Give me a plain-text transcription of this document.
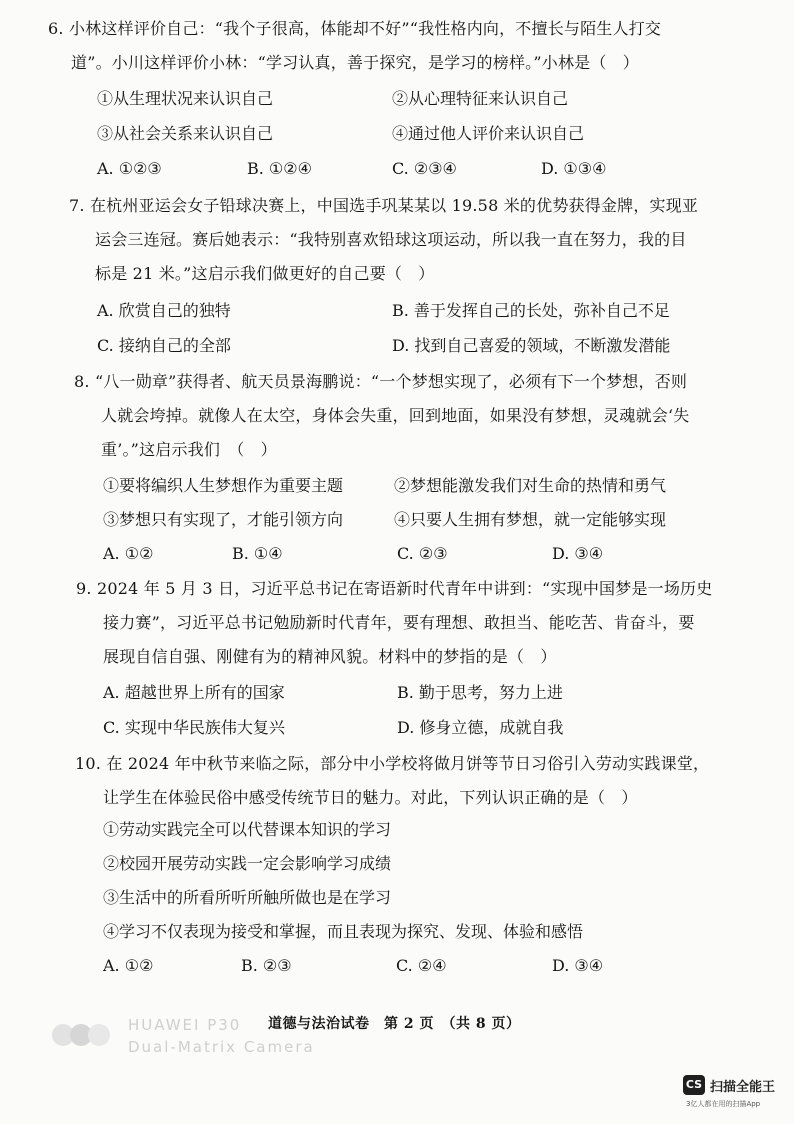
6. 小林这样评价自己：“我个子很高，体能却不好”“我性格内向，不擅长与陌生人打交
道”。小川这样评价小林：“学习认真，善于探究，是学习的榜样。”小林是（　）
①从生理状况来认识自己	②从心理特征来认识自己
③从社会关系来认识自己	④通过他人评价来认识自己
A. ①②③	B. ①②④	C. ②③④	D. ①③④
7. 在杭州亚运会女子铅球决赛上，中国选手巩某某以 19.58 米的优势获得金牌，实现亚
运会三连冠。赛后她表示：“我特别喜欢铅球这项运动，所以我一直在努力，我的目
标是 21 米。”这启示我们做更好的自己要（　）
A. 欣赏自己的独特	B. 善于发挥自己的长处，弥补自己不足
C. 接纳自己的全部	D. 找到自己喜爱的领域，不断激发潜能
8. “八一勋章”获得者、航天员景海鹏说：“一个梦想实现了，必须有下一个梦想，否则
人就会垮掉。就像人在太空，身体会失重，回到地面，如果没有梦想，灵魂就会‘失
重’。”这启示我们　（　）
①要将编织人生梦想作为重要主题	②梦想能激发我们对生命的热情和勇气
③梦想只有实现了，才能引领方向	④只要人生拥有梦想，就一定能够实现
A. ①②	B. ①④	C. ②③	D. ③④
9. 2024 年 5 月 3 日，习近平总书记在寄语新时代青年中讲到：“实现中国梦是一场历史
接力赛”，习近平总书记勉励新时代青年，要有理想、敢担当、能吃苦、肯奋斗，要
展现自信自强、刚健有为的精神风貌。材料中的梦指的是（　）
A. 超越世界上所有的国家	B. 勤于思考，努力上进
C. 实现中华民族伟大复兴	D. 修身立德，成就自我
10. 在 2024 年中秋节来临之际，部分中小学校将做月饼等节日习俗引入劳动实践课堂，
让学生在体验民俗中感受传统节日的魅力。对此，下列认识正确的是（　）
①劳动实践完全可以代替课本知识的学习
②校园开展劳动实践一定会影响学习成绩
③生活中的所看所听所触所做也是在学习
④学习不仅表现为接受和掌握，而且表现为探究、发现、体验和感悟
A. ①②	B. ②③	C. ②④	D. ③④
HUAWEI P30
Dual-Matrix Camera
道德与法治试卷　第 2 页　（共 8 页）
CS 扫描全能王
3亿人都在用的扫描App
